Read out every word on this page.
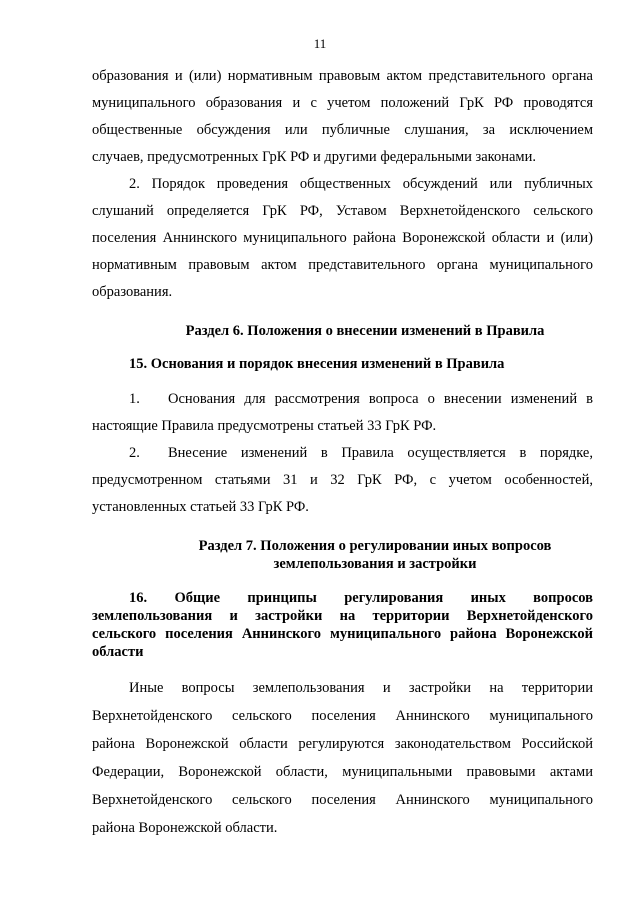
11
образования и (или) нормативным правовым актом представительного органа
муниципального образования и с учетом положений ГрК РФ проводятся
общественные обсуждения или публичные слушания, за исключением
случаев, предусмотренных ГрК РФ и другими федеральными законами.
2. Порядок проведения общественных обсуждений или публичных
слушаний определяется ГрК РФ, Уставом Верхнетойденского сельского
поселения Аннинского муниципального района Воронежской области и (или)
нормативным правовым актом представительного органа муниципального
образования.
Раздел 6. Положения о внесении изменений в Правила
15. Основания и порядок внесения изменений в Правила
1. Основания для рассмотрения вопроса о внесении изменений в
настоящие Правила предусмотрены статьей 33 ГрК РФ.
2. Внесение изменений в Правила осуществляется в порядке,
предусмотренном статьями 31 и 32 ГрК РФ, с учетом особенностей,
установленных статьей 33 ГрК РФ.
Раздел 7. Положения о регулировании иных вопросов
землепользования и застройки
16. Общие принципы регулирования иных вопросов
землепользования и застройки на территории Верхнетойденского
сельского поселения Аннинского муниципального района Воронежской
области
Иные вопросы землепользования и застройки на территории
Верхнетойденского сельского поселения Аннинского муниципального
района Воронежской области регулируются законодательством Российской
Федерации, Воронежской области, муниципальными правовыми актами
Верхнетойденского сельского поселения Аннинского муниципального
района Воронежской области.
